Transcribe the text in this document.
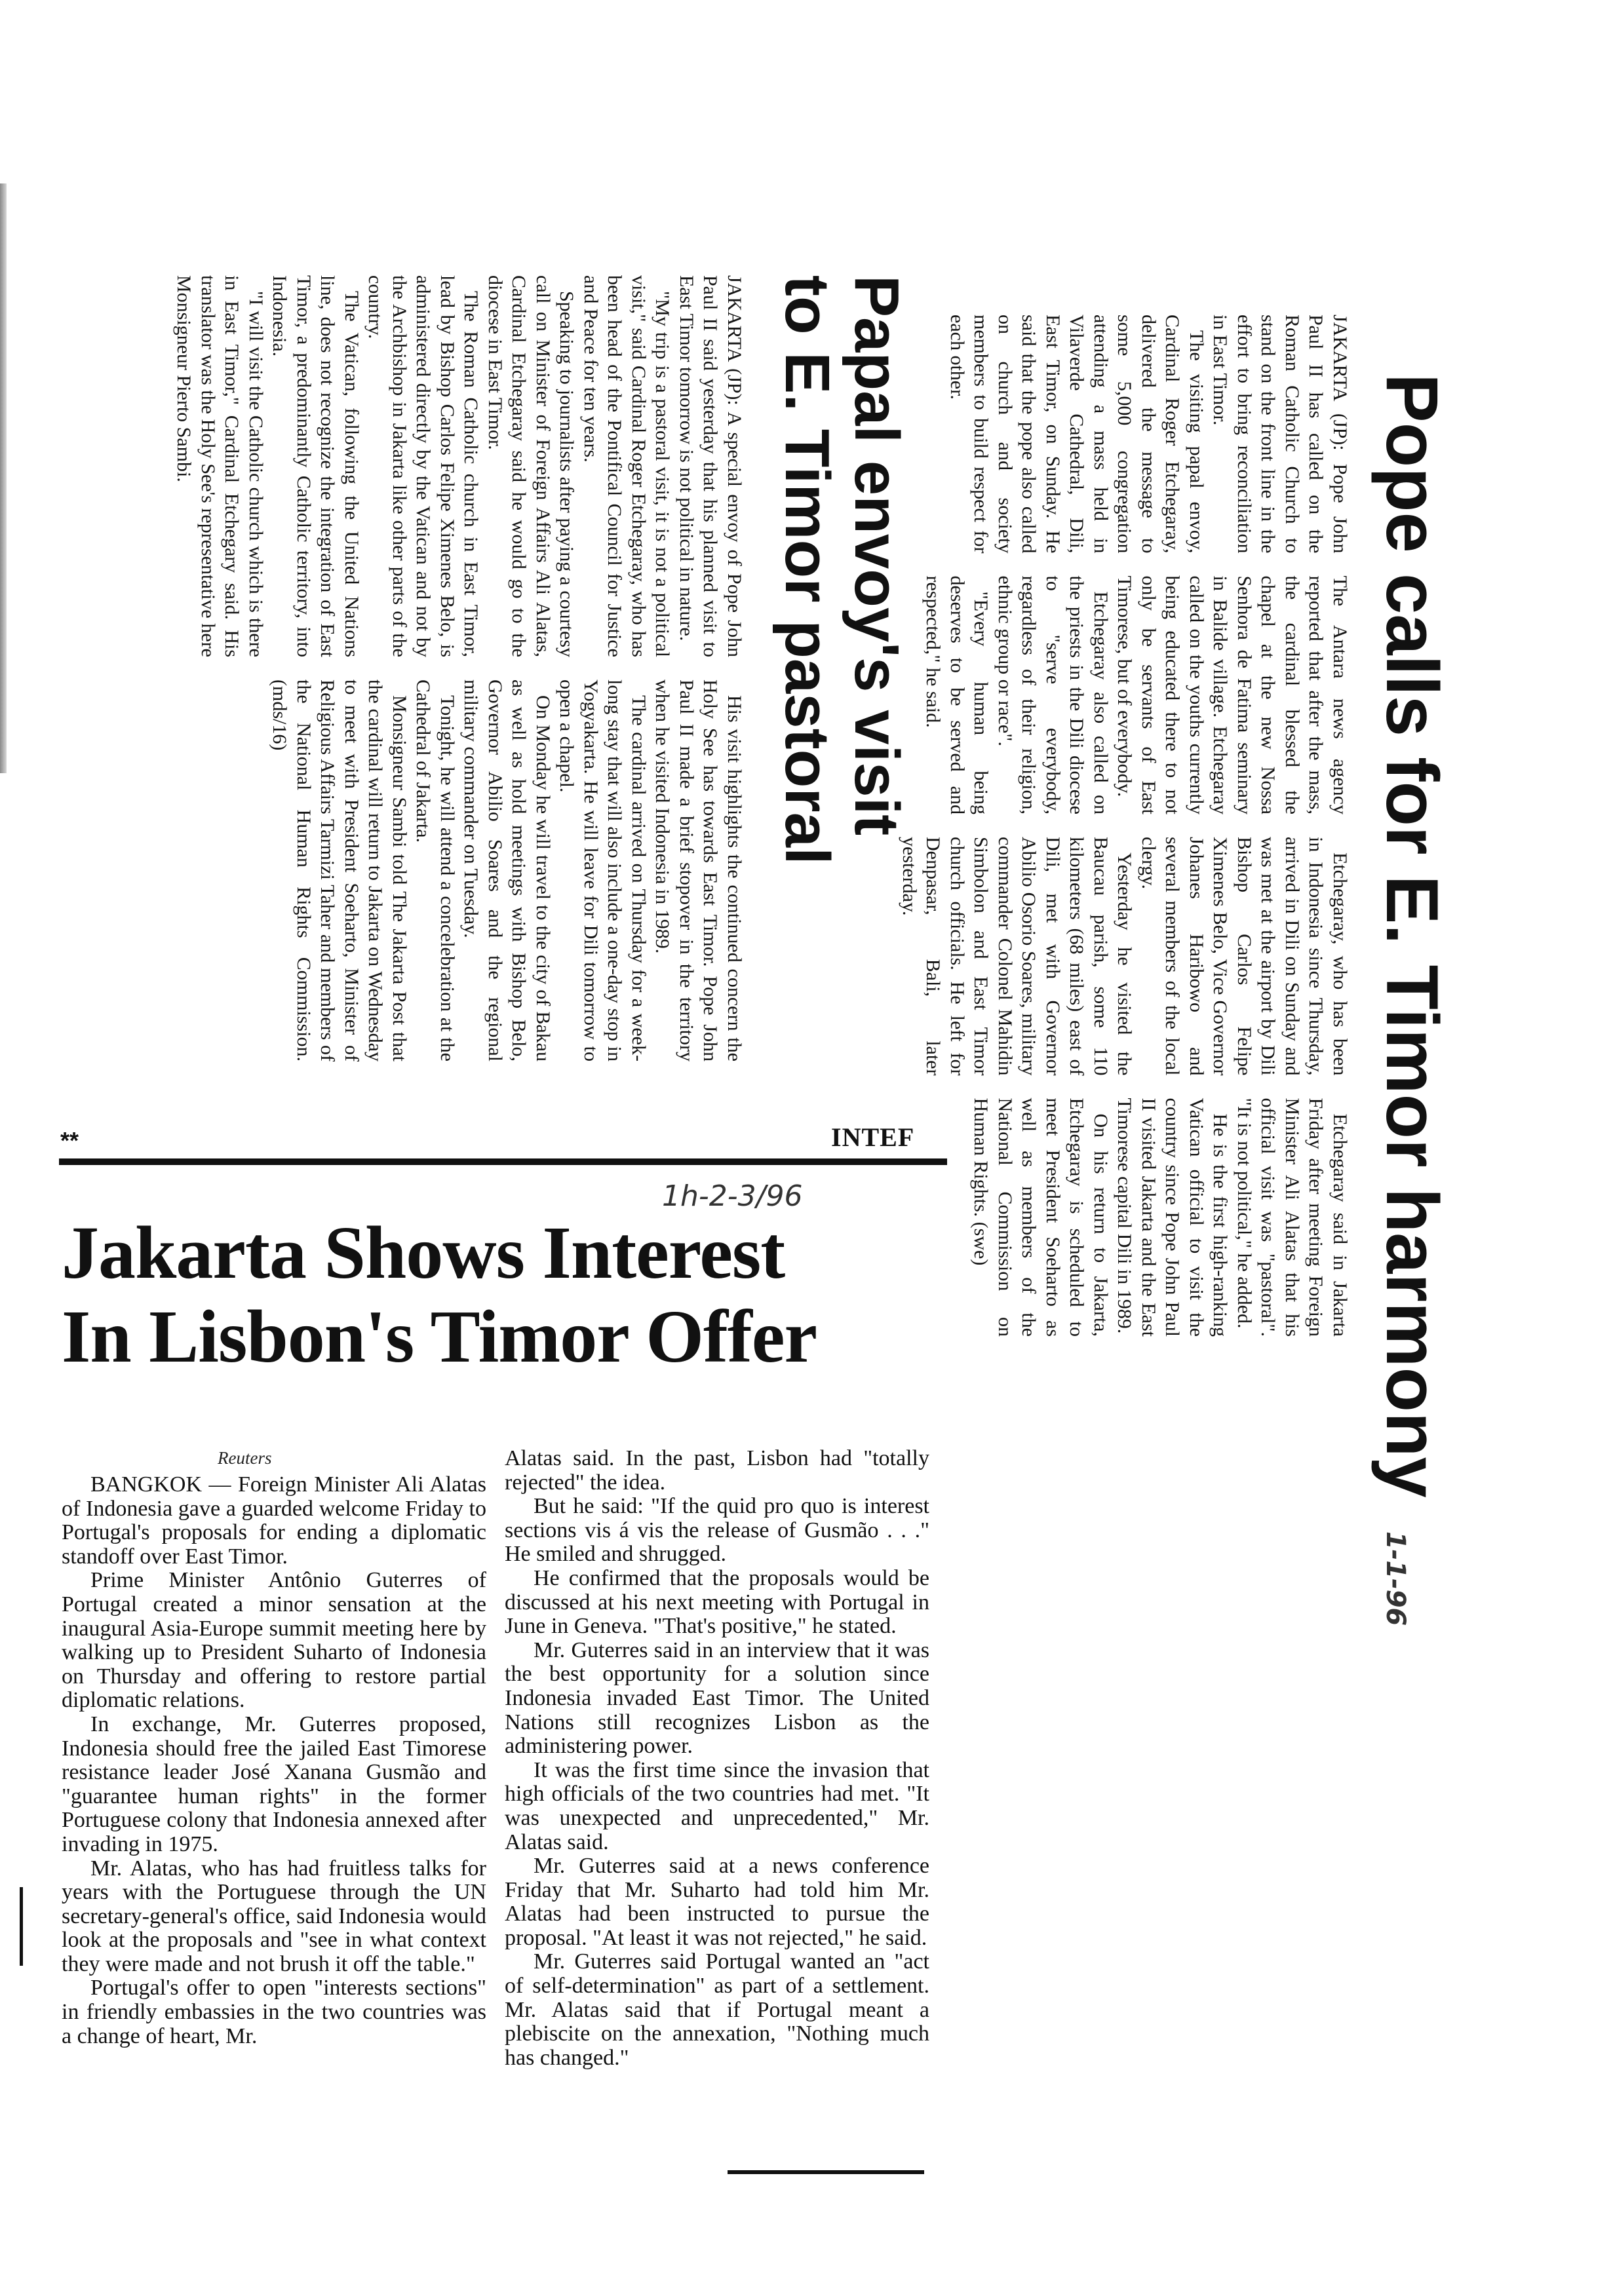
Pope calls for E. Timor harmony 1-1-96

JAKARTA (JP): Pope John Paul II has called on the Roman Catholic Church to stand on the front line in the effort to bring reconciliation in East Timor.

The visiting papal envoy, Cardinal Roger Etchegaray, delivered the message to some 5,000 congregation attending a mass held in Vilaverde Cathedral, Dili, East Timor, on Sunday. He said that the pope also called on church and society members to build respect for each other.

The Antara news agency reported that after the mass, the cardinal blessed the chapel at the new Nossa Senhora de Fatima seminary in Balide village. Etchegaray called on the youths currently being educated there to not only be servants of East Timorese, but of everybody.

Etchegaray also called on the priests in the Dili diocese to "serve everybody, regardless of their religion, ethnic group or race".

"Every human being deserves to be served and respected," he said.

Etchegaray, who has been in Indonesia since Thursday, arrived in Dili on Sunday and was met at the airport by Dili Bishop Carlos Felipe Ximenes Belo, Vice Governor Johanes Haribowo and several members of the local clergy.

Yesterday he visited the Baucau parish, some 110 kilometers (68 miles) east of Dili, met with Governor Abilio Osorio Soares, military commander Colonel Mahidin Simbolon and East Timor church officials. He left for Denpasar, Bali, later yesterday.

Etchegaray said in Jakarta Friday after meeting Foreign Minister Ali Alatas that his official visit was "pastoral". "It is not political," he added.

He is the first high-ranking Vatican official to visit the country since Pope John Paul II visited Jakarta and the East Timorese capital Dili in 1989.

On his return to Jakarta, Etchegaray is scheduled to meet President Soeharto as well as members of the National Commission on Human Rights. (swe)

Papal envoy's visit
to E. Timor pastoral

JAKARTA (JP): A special envoy of Pope John Paul II said yesterday that his planned visit to East Timor tomorrow is not political in nature.

"My trip is a pastoral visit, it is not a political visit," said Cardinal Roger Etchegaray, who has been head of the Pontifical Council for Justice and Peace for ten years.

Speaking to journalists after paying a courtesy call on Minister of Foreign Affairs Ali Alatas, Cardinal Etchegaray said he would go to the diocese in East Timor.

The Roman Catholic church in East Timor, lead by Bishop Carlos Felipe Ximenes Belo, is administered directly by the Vatican and not by the Archbishop in Jakarta like other parts of the country.

The Vatican, following the United Nations line, does not recognize the integration of East Timor, a predominantly Catholic territory, into Indonesia.

"I will visit the Catholic church which is there in East Timor," Cardinal Etchegary said. His translator was the Holy See's representative here Monsigneur Pierto Sambi.

His visit highlights the continued concern the Holy See has towards East Timor. Pope John Paul II made a brief stopover in the territory when he visited Indonesia in 1989.

The cardinal arrived on Thursday for a week-long stay that will also include a one-day stop in Yogyakarta. He will leave for Dili tomorrow to open a chapel.

On Monday he will travel to the city of Bakau as well as hold meetings with Bishop Belo, Governor Abilio Soares and the regional military commander on Tuesday.

Tonight, he will attend a concelebration at the Cathedral of Jakarta.

Monsigneur Sambi told The Jakarta Post that the cardinal will return to Jakarta on Wednesday to meet with President Soeharto, Minister of Religious Affairs Tarmizi Taher and members of the National Human Rights Commission. (mds/16)

**	INTEF
1h-2-3/96
Jakarta Shows Interest
In Lisbon's Timor Offer
Reuters

BANGKOK — Foreign Minister Ali Alatas of Indonesia gave a guarded welcome Friday to Portugal's proposals for ending a diplomatic standoff over East Timor.

Prime Minister Antônio Guterres of Portugal created a minor sensation at the inaugural Asia-Europe summit meeting here by walking up to President Suharto of Indonesia on Thursday and offering to restore partial diplomatic relations.

In exchange, Mr. Guterres proposed, Indonesia should free the jailed East Timorese resistance leader José Xanana Gusmão and "guarantee human rights" in the former Portuguese colony that Indonesia annexed after invading in 1975.

Mr. Alatas, who has had fruitless talks for years with the Portuguese through the UN secretary-general's office, said Indonesia would look at the proposals and "see in what context they were made and not brush it off the table."

Portugal's offer to open "interests sections" in friendly embassies in the two countries was a change of heart, Mr.

Alatas said. In the past, Lisbon had "totally rejected" the idea.

But he said: "If the quid pro quo is interest sections vis á vis the release of Gusmão . . ." He smiled and shrugged.

He confirmed that the proposals would be discussed at his next meeting with Portugal in June in Geneva. "That's positive," he stated.

Mr. Guterres said in an interview that it was the best opportunity for a solution since Indonesia invaded East Timor. The United Nations still recognizes Lisbon as the administering power.

It was the first time since the invasion that high officials of the two countries had met. "It was unexpected and unprecedented," Mr. Alatas said.

Mr. Guterres said at a news conference Friday that Mr. Suharto had told him Mr. Alatas had been instructed to pursue the proposal. "At least it was not rejected," he said.

Mr. Guterres said Portugal wanted an "act of self-determination" as part of a settlement. Mr. Alatas said that if Portugal meant a plebiscite on the annexation, "Nothing much has changed."
